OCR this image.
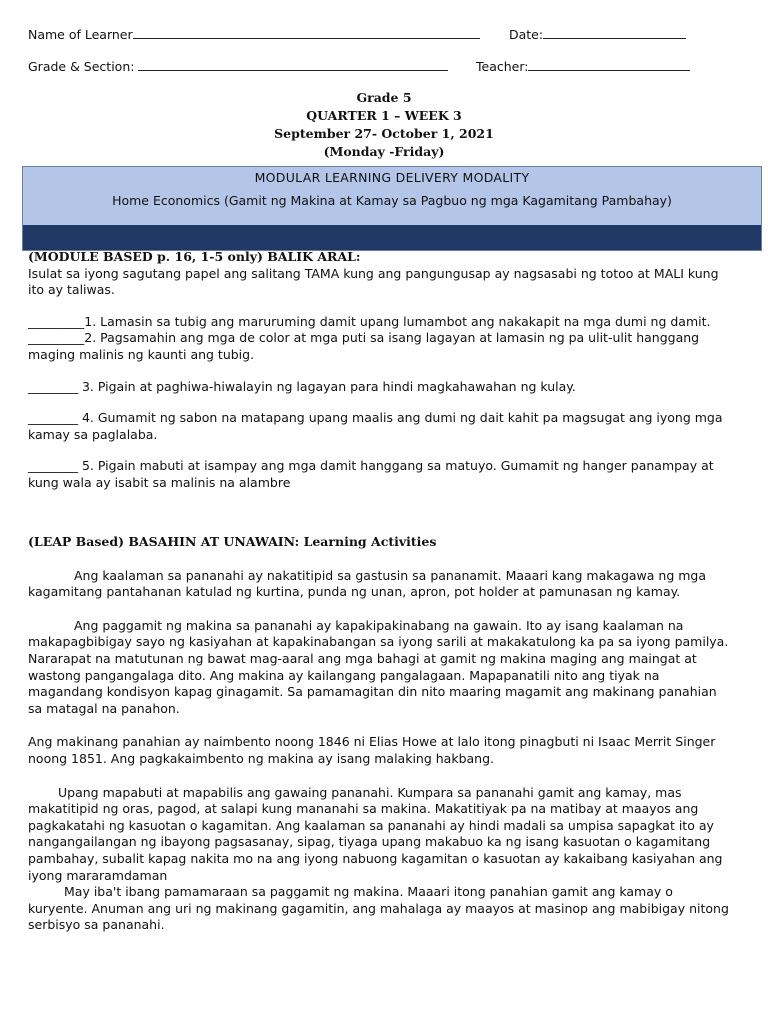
Name of Learner	Date:
Grade & Section:	Teacher:
Grade 5
QUARTER 1 – WEEK 3
September 27- October 1, 2021
(Monday -Friday)
MODULAR LEARNING DELIVERY MODALITY
Home Economics (Gamit ng Makina at Kamay sa Pagbuo ng mga Kagamitang Pambahay)

(MODULE BASED p. 16, 1-5 only) BALIK ARAL:

Isulat sa iyong sagutang papel ang salitang TAMA kung ang pangungusap ay nagsasabi ng totoo at MALI kung ito ay taliwas.

_________1. Lamasin sa tubig ang maruruming damit upang lumambot ang nakakapit na mga dumi ng damit.

_________2. Pagsamahin ang mga de color at mga puti sa isang lagayan at lamasin ng pa ulit-ulit hanggang maging malinis ng kaunti ang tubig.

________ 3. Pigain at paghiwa-hiwalayin ng lagayan para hindi magkahawahan ng kulay.

________ 4. Gumamit ng sabon na matapang upang maalis ang dumi ng dait kahit pa magsugat ang iyong mga kamay sa paglalaba.

________ 5. Pigain mabuti at isampay ang mga damit hanggang sa matuyo. Gumamit ng hanger panampay at kung wala ay isabit sa malinis na alambre

(LEAP Based) BASAHIN AT UNAWAIN: Learning Activities

Ang kaalaman sa pananahi ay nakatitipid sa gastusin sa pananamit. Maaari kang makagawa ng mga kagamitang pantahanan katulad ng kurtina, punda ng unan, apron, pot holder at pamunasan ng kamay.

Ang paggamit ng makina sa pananahi ay kapakipakinabang na gawain. Ito ay isang kaalaman na makapagbibigay sayo ng kasiyahan at kapakinabangan sa iyong sarili at makakatulong ka pa sa iyong pamilya. Nararapat na matutunan ng bawat mag-aaral ang mga bahagi at gamit ng makina maging ang maingat at wastong pangangalaga dito. Ang makina ay kailangang pangalagaan. Mapapanatili nito ang tiyak na magandang kondisyon kapag ginagamit. Sa pamamagitan din nito maaring magamit ang makinang panahian sa matagal na panahon.

Ang makinang panahian ay naimbento noong 1846 ni Elias Howe at lalo itong pinagbuti ni Isaac Merrit Singer noong 1851. Ang pagkakaimbento ng makina ay isang malaking hakbang.

Upang mapabuti at mapabilis ang gawaing pananahi. Kumpara sa pananahi gamit ang kamay, mas makatitipid ng oras, pagod, at salapi kung mananahi sa makina. Makatitiyak pa na matibay at maayos ang pagkakatahi ng kasuotan o kagamitan. Ang kaalaman sa pananahi ay hindi madali sa umpisa sapagkat ito ay nangangailangan ng ibayong pagsasanay, sipag, tiyaga upang makabuo ka ng isang kasuotan o kagamitang pambahay, subalit kapag nakita mo na ang iyong nabuong kagamitan o kasuotan ay kakaibang kasiyahan ang iyong mararamdaman

May iba't ibang pamamaraan sa paggamit ng makina. Maaari itong panahian gamit ang kamay o kuryente. Anuman ang uri ng makinang gagamitin, ang mahalaga ay maayos at masinop ang mabibigay nitong serbisyo sa pananahi.
